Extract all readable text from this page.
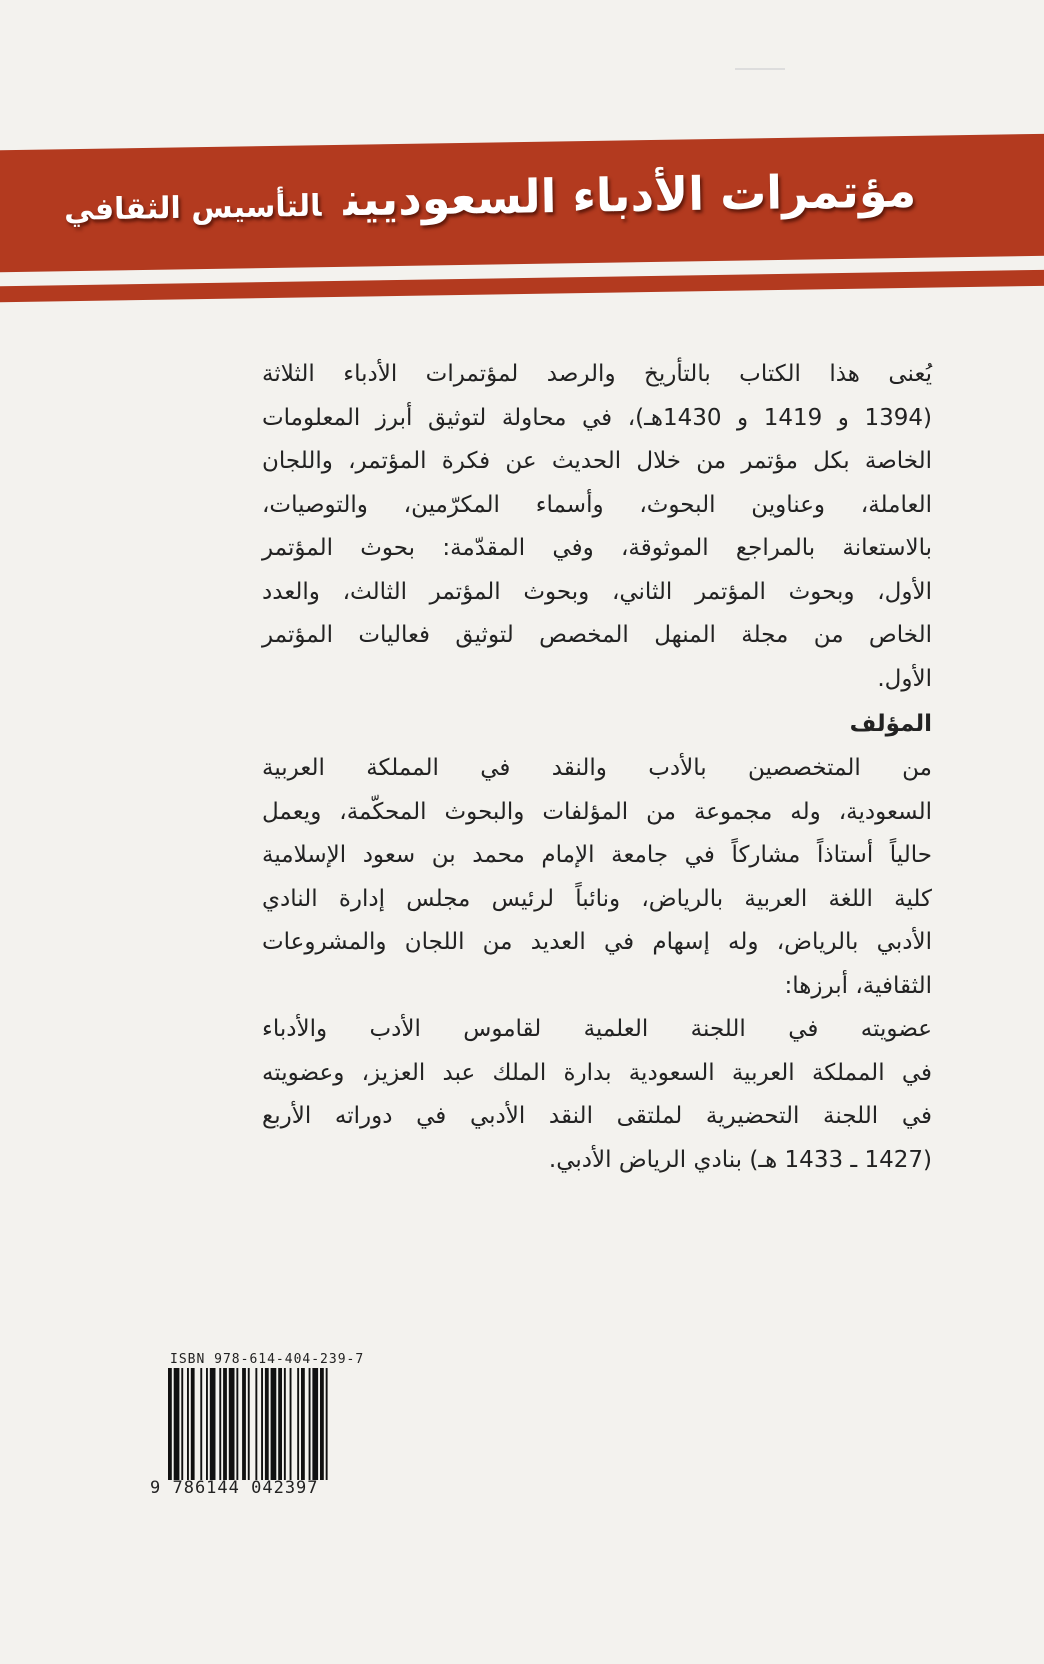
مؤتمرات الأدباء السعوديينالتأسيس الثقافي
يُعنى هذا الكتاب بالتأريخ والرصد لمؤتمرات الأدباء الثلاثة
(1394 و 1419 و 1430هـ)، في محاولة لتوثيق أبرز المعلومات
الخاصة بكل مؤتمر من خلال الحديث عن فكرة المؤتمر، واللجان
العاملة، وعناوين البحوث، وأسماء المكرّمين، والتوصيات،
بالاستعانة بالمراجع الموثوقة، وفي المقدّمة: بحوث المؤتمر
الأول، وبحوث المؤتمر الثاني، وبحوث المؤتمر الثالث، والعدد
الخاص من مجلة المنهل المخصص لتوثيق فعاليات المؤتمر
الأول.
المؤلف
من المتخصصين بالأدب والنقد في المملكة العربية
السعودية، وله مجموعة من المؤلفات والبحوث المحكّمة، ويعمل
حالياً أستاذاً مشاركاً في جامعة الإمام محمد بن سعود الإسلامية
كلية اللغة العربية بالرياض، ونائباً لرئيس مجلس إدارة النادي
الأدبي بالرياض، وله إسهام في العديد من اللجان والمشروعات
الثقافية، أبرزها:
عضويته في اللجنة العلمية لقاموس الأدب والأدباء
في المملكة العربية السعودية بدارة الملك عبد العزيز، وعضويته
في اللجنة التحضيرية لملتقى النقد الأدبي في دوراته الأربع
(1427 ـ 1433 هـ) بنادي الرياض الأدبي.
ISBN 978-614-404-239-7
9 786144 042397
